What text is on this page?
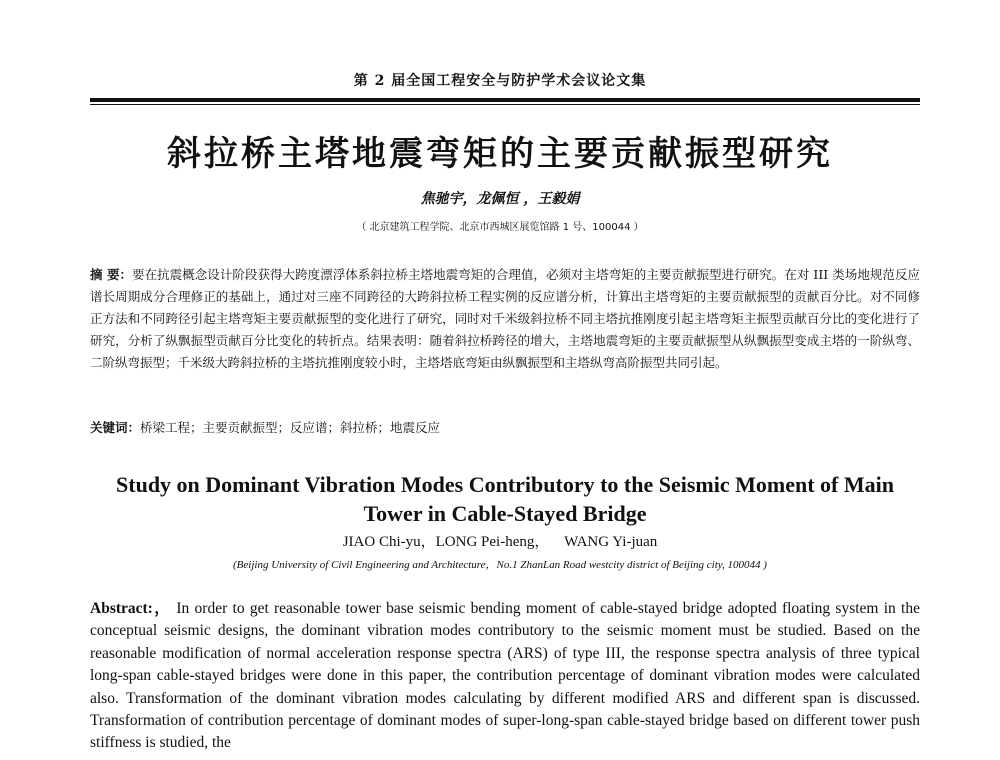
第 2 届全国工程安全与防护学术会议论文集
斜拉桥主塔地震弯矩的主要贡献振型研究
焦驰宇，龙佩恒 ，王毅娟
（ 北京建筑工程学院、北京市西城区展览馆路 1 号、100044 ）
摘 要：要在抗震概念设计阶段获得大跨度漂浮体系斜拉桥主塔地震弯矩的合理值，必须对主塔弯矩的主要贡献振型进行研究。在对 III 类场地规范反应谱长周期成分合理修正的基础上，通过对三座不同跨径的大跨斜拉桥工程实例的反应谱分析，计算出主塔弯矩的主要贡献振型的贡献百分比。对不同修正方法和不同跨径引起主塔弯矩主要贡献振型的变化进行了研究，同时对千米级斜拉桥不同主塔抗推刚度引起主塔弯矩主振型贡献百分比的变化进行了研究，分析了纵飘振型贡献百分比变化的转折点。结果表明：随着斜拉桥跨径的增大，主塔地震弯矩的主要贡献振型从纵飘振型变成主塔的一阶纵弯、二阶纵弯振型；千米级大跨斜拉桥的主塔抗推刚度较小时，主塔塔底弯矩由纵飘振型和主塔纵弯高阶振型共同引起。
关键词：桥梁工程；主要贡献振型；反应谱；斜拉桥；地震反应
Study on Dominant Vibration Modes Contributory to the Seismic Moment of Main Tower in Cable-Stayed Bridge
JIAO Chi-yu，LONG Pei-heng，    WANG Yi-juan
(Beijing University of Civil Engineering and Architecture，No.1 ZhanLan Road westcity district of Beijing city, 100044 )
Abstract:， In order to get reasonable tower base seismic bending moment of cable-stayed bridge adopted floating system in the conceptual seismic designs, the dominant vibration modes contributory to the seismic moment must be studied. Based on the reasonable modification of normal acceleration response spectra (ARS) of type III, the response spectra analysis of three typical long-span cable-stayed bridges were done in this paper, the contribution percentage of dominant vibration modes were calculated also. Transformation of the dominant vibration modes calculating by different modified ARS and different span is discussed. Transformation of contribution percentage of dominant modes of super-long-span cable-stayed bridge based on different tower push stiffness is studied, the
